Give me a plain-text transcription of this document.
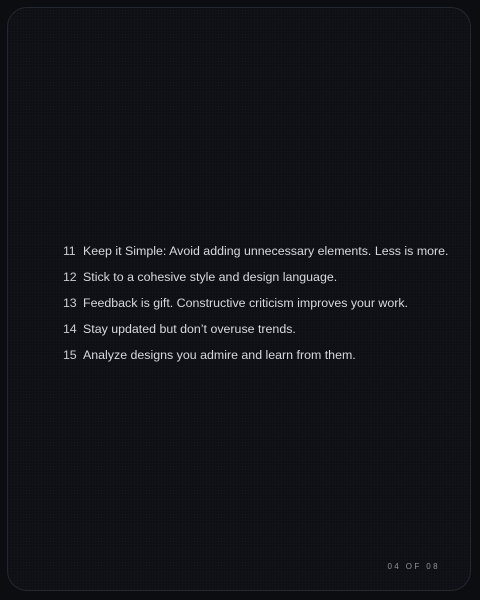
11 Keep it Simple: Avoid adding unnecessary elements. Less is more.
12 Stick to a cohesive style and design language.
13 Feedback is gift. Constructive criticism improves your work.
14 Stay updated but don’t overuse trends.
15 Analyze designs you admire and learn from them.
04 OF 08
